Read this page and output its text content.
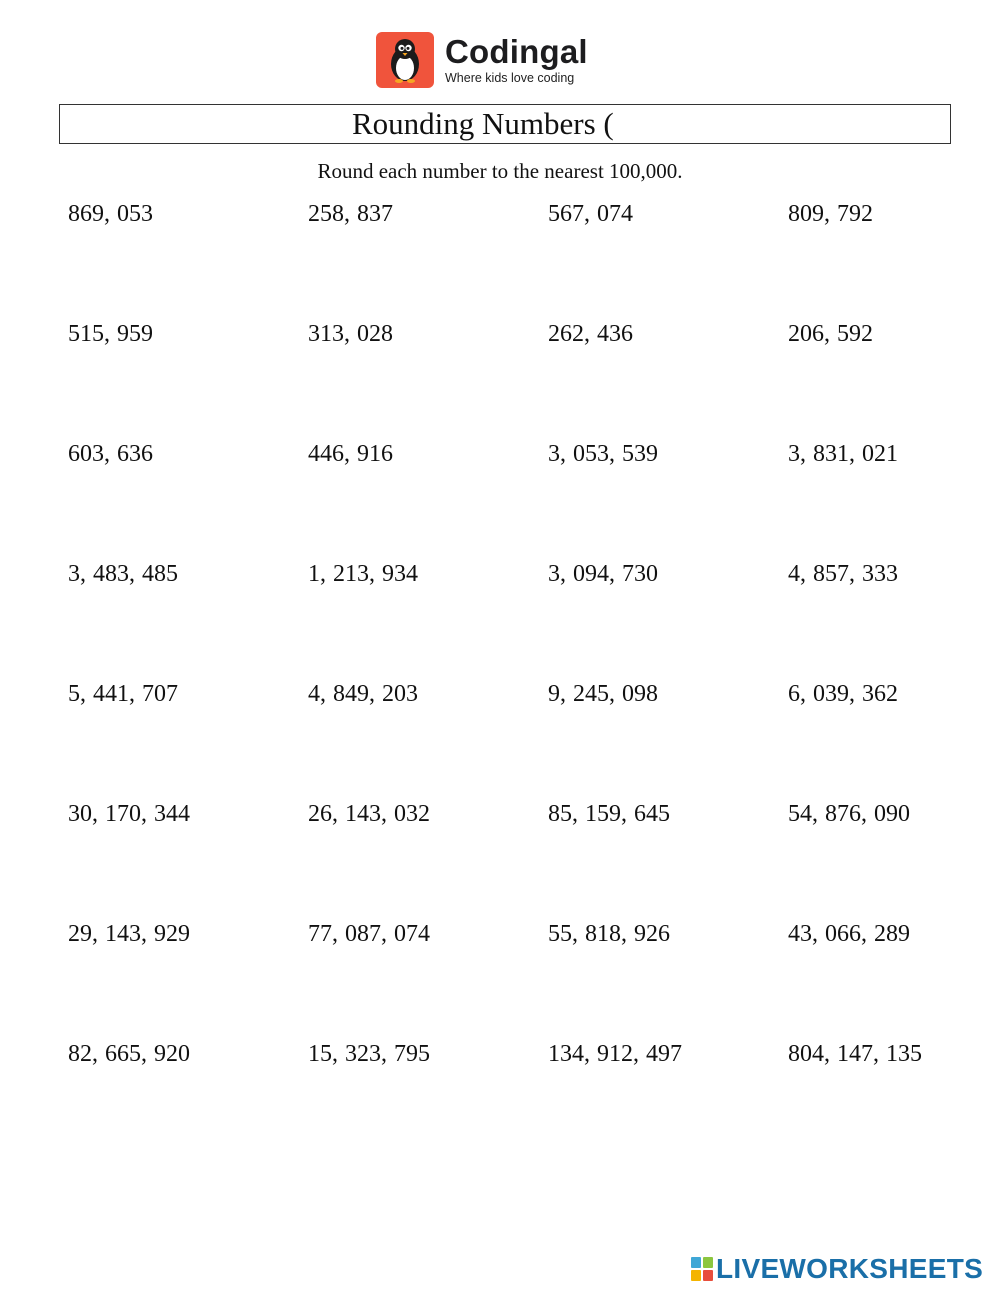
Codingal
Where kids love coding
Rounding Numbers (
Round each number to the nearest 100,000.
869, 053	258, 837	567, 074	809, 792
515, 959	313, 028	262, 436	206, 592
603, 636	446, 916	3, 053, 539	3, 831, 021
3, 483, 485	1, 213, 934	3, 094, 730	4, 857, 333
5, 441, 707	4, 849, 203	9, 245, 098	6, 039, 362
30, 170, 344	26, 143, 032	85, 159, 645	54, 876, 090
29, 143, 929	77, 087, 074	55, 818, 926	43, 066, 289
82, 665, 920	15, 323, 795	134, 912, 497	804, 147, 135
LIVEWORKSHEETS
